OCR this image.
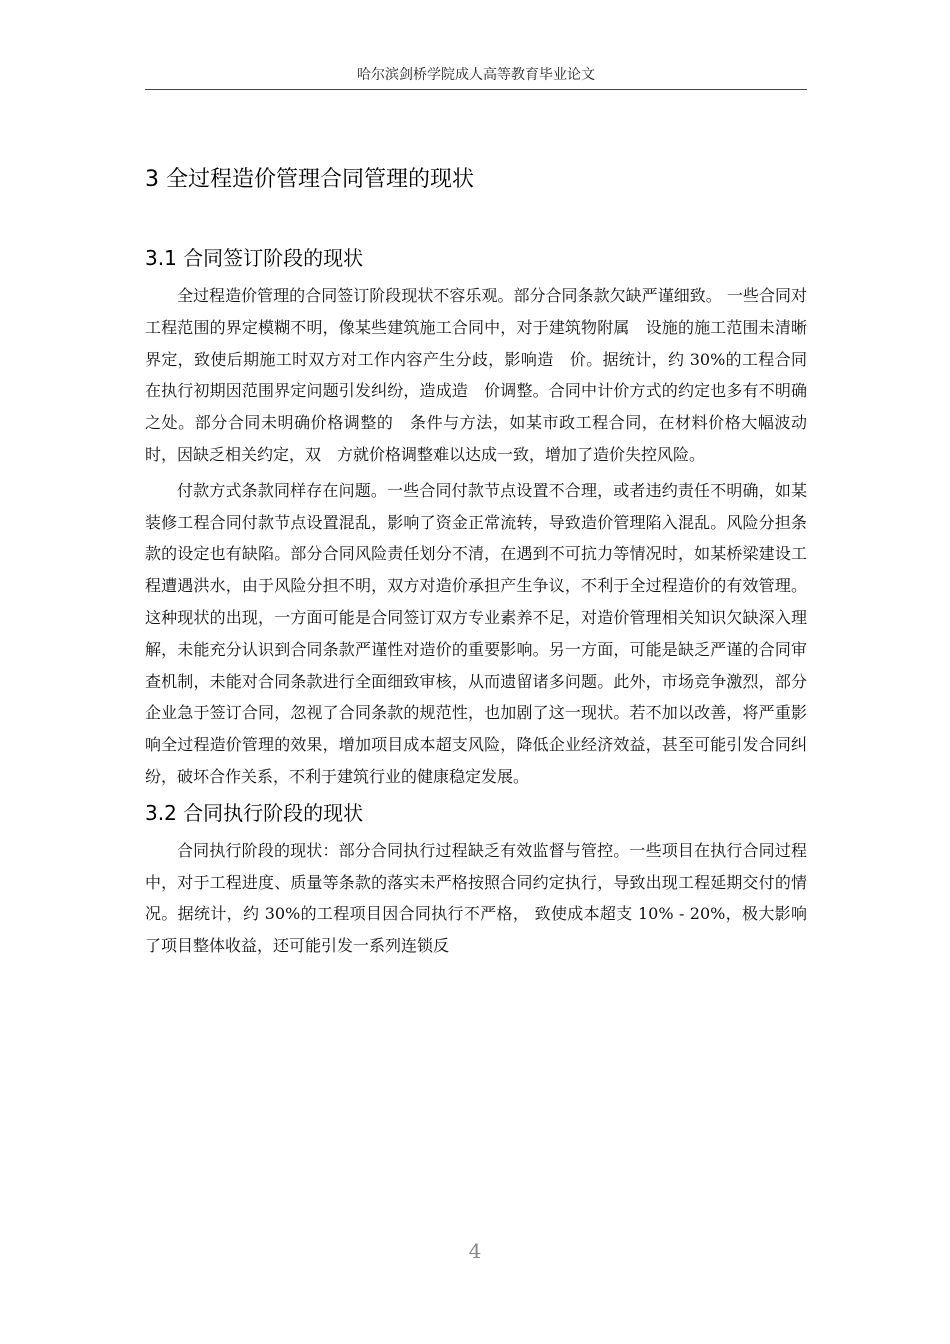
哈尔滨剑桥学院成人高等教育毕业论文
3 全过程造价管理合同管理的现状
3.1 合同签订阶段的现状

全过程造价管理的合同签订阶段现状不容乐观。部分合同条款欠缺严谨细致。 一些合同对工程范围的界定模糊不明，像某些建筑施工合同中，对于建筑物附属　设施的施工范围未清晰界定，致使后期施工时双方对工作内容产生分歧，影响造　价。据统计，约 30%的工程合同在执行初期因范围界定问题引发纠纷，造成造　价调整。合同中计价方式的约定也多有不明确之处。部分合同未明确价格调整的　条件与方法，如某市政工程合同，在材料价格大幅波动时，因缺乏相关约定，双　方就价格调整难以达成一致，增加了造价失控风险。

付款方式条款同样存在问题。一些合同付款节点设置不合理，或者违约责任不明确，如某装修工程合同付款节点设置混乱，影响了资金正常流转，导致造价管理陷入混乱。风险分担条款的设定也有缺陷。部分合同风险责任划分不清，在遇到不可抗力等情况时，如某桥梁建设工程遭遇洪水，由于风险分担不明，双方对造价承担产生争议，不利于全过程造价的有效管理。这种现状的出现，一方面可能是合同签订双方专业素养不足，对造价管理相关知识欠缺深入理解，未能充分认识到合同条款严谨性对造价的重要影响。另一方面，可能是缺乏严谨的合同审查机制，未能对合同条款进行全面细致审核，从而遗留诸多问题。此外，市场竞争激烈，部分企业急于签订合同，忽视了合同条款的规范性，也加剧了这一现状。若不加以改善，将严重影响全过程造价管理的效果，增加项目成本超支风险，降低企业经济效益，甚至可能引发合同纠纷，破坏合作关系，不利于建筑行业的健康稳定发展。

3.2 合同执行阶段的现状

合同执行阶段的现状：部分合同执行过程缺乏有效监督与管控。一些项目在执行合同过程中，对于工程进度、质量等条款的落实未严格按照合同约定执行，导致出现工程延期交付的情况。据统计，约 30%的工程项目因合同执行不严格， 致使成本超支 10% - 20%，极大影响了项目整体收益，还可能引发一系列连锁反

4
